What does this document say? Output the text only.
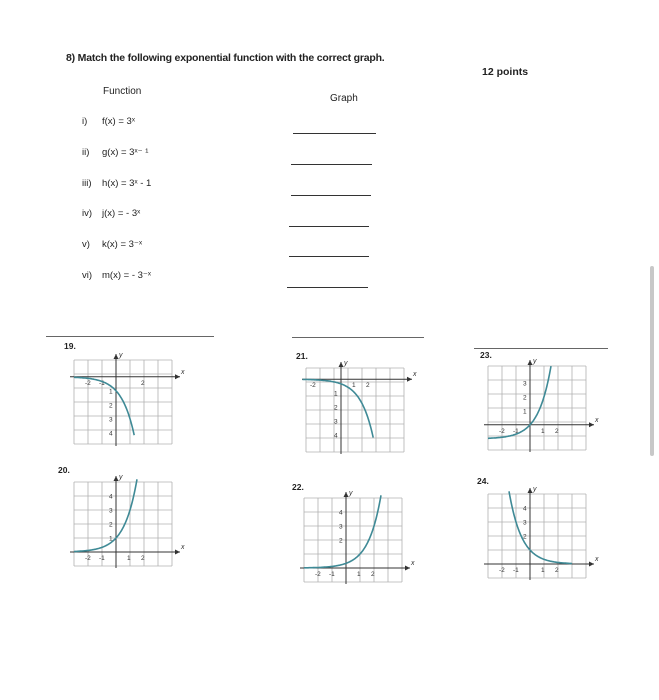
8) Match the following exponential function with the correct graph.
12 points
Function
Graph
i)	f(x) = 3ˣ
ii)	g(x) = 3ˣ⁻ ¹
iii) h(x) = 3ˣ - 1
iv) j(x) = - 3ˣ
v)	k(x) = 3⁻ˣ
vi) m(x) = - 3⁻ˣ
19.
20.
21.
22.
23.
24.
x
y
-2 -1	2
1
2
3
4
x
y
-2 -1	1 2
1
2
3
4
x
y
-2	1 2
1
2
3
4
x
y
-2 -1	1 2
2
3
4
x
y
-2 -1	1 2
1
2
3
x
y
-2 -1	1 2
2
3
4
